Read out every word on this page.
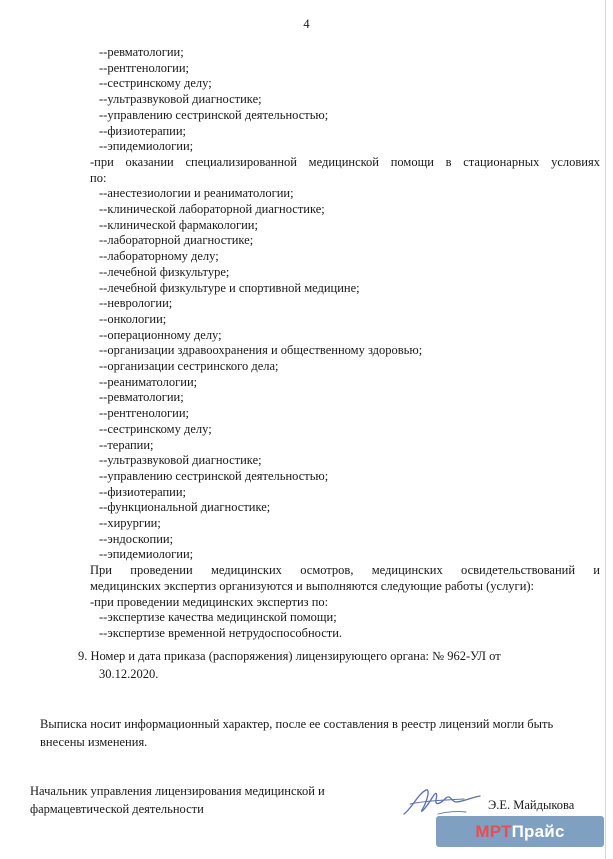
4
--ревматологии;
--рентгенологии;
--сестринскому делу;
--ультразвуковой диагностике;
--управлению сестринской деятельностью;
--физиотерапии;
--эпидемиологии;
-при оказании специализированной медицинской помощи в стационарных условиях
по:
--анестезиологии и реаниматологии;
--клинической лабораторной диагностике;
--клинической фармакологии;
--лабораторной диагностике;
--лабораторному делу;
--лечебной физкультуре;
--лечебной физкультуре и спортивной медицине;
--неврологии;
--онкологии;
--операционному делу;
--организации здравоохранения и общественному здоровью;
--организации сестринского дела;
--реаниматологии;
--ревматологии;
--рентгенологии;
--сестринскому делу;
--терапии;
--ультразвуковой диагностике;
--управлению сестринской деятельностью;
--физиотерапии;
--функциональной диагностике;
--хирургии;
--эндоскопии;
--эпидемиологии;
При проведении медицинских осмотров, медицинских освидетельствований и
медицинских экспертиз организуются и выполняются следующие работы (услуги):
-при проведении медицинских экспертиз по:
--экспертизе качества медицинской помощи;
--экспертизе временной нетрудоспособности.
9. Номер и дата приказа (распоряжения) лицензирующего органа: № 962-УЛ от
30.12.2020.
Выписка носит информационный характер, после ее составления в реестр лицензий могли быть
внесены изменения.
Начальник управления лицензирования медицинской и
фармацевтической деятельности	Э.Е. Майдыкова
МРТПрайс
